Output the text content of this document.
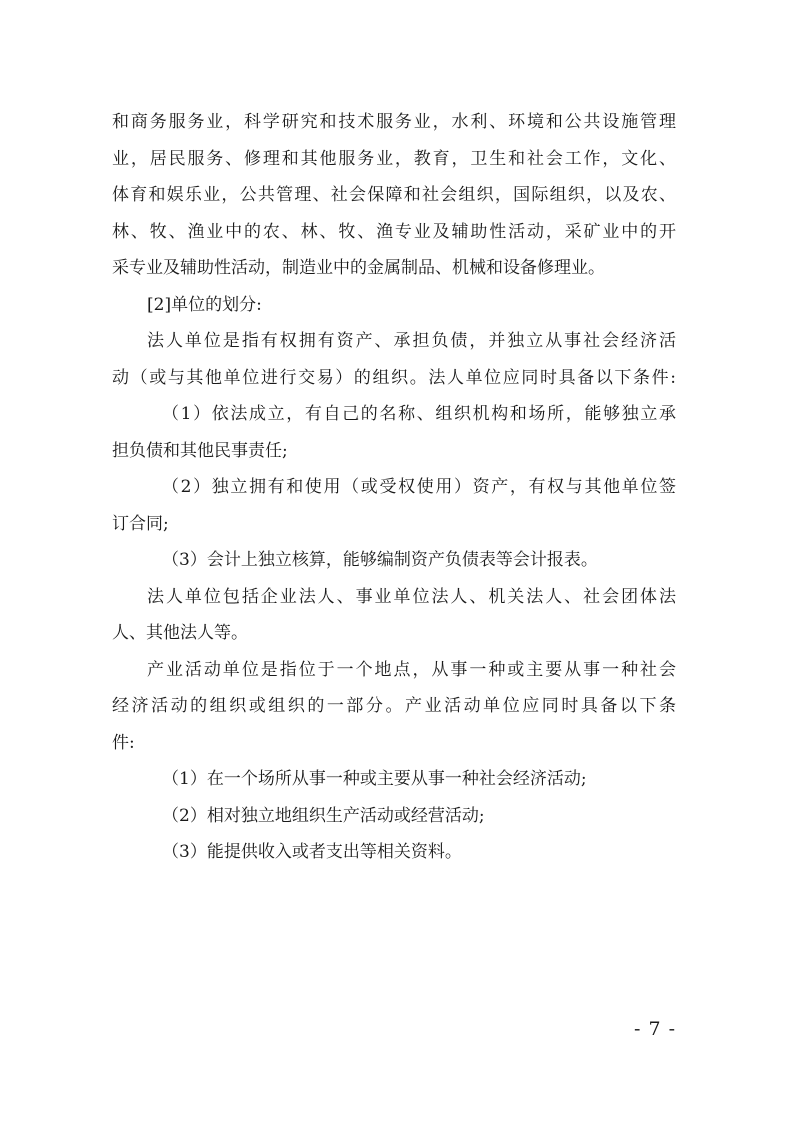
和商务服务业，科学研究和技术服务业，水利、环境和公共设施管理
业，居民服务、修理和其他服务业，教育，卫生和社会工作，文化、
体育和娱乐业，公共管理、社会保障和社会组织，国际组织，以及农、
林、牧、渔业中的农、林、牧、渔专业及辅助性活动，采矿业中的开
采专业及辅助性活动，制造业中的金属制品、机械和设备修理业。
[2]单位的划分:
法人单位是指有权拥有资产、承担负债，并独立从事社会经济活
动（或与其他单位进行交易）的组织。法人单位应同时具备以下条件:
（1）依法成立，有自己的名称、组织机构和场所，能够独立承
担负债和其他民事责任;
（2）独立拥有和使用（或受权使用）资产，有权与其他单位签
订合同;
（3）会计上独立核算，能够编制资产负债表等会计报表。
法人单位包括企业法人、事业单位法人、机关法人、社会团体法
人、其他法人等。
产业活动单位是指位于一个地点，从事一种或主要从事一种社会
经济活动的组织或组织的一部分。产业活动单位应同时具备以下条
件:
（1）在一个场所从事一种或主要从事一种社会经济活动;
（2）相对独立地组织生产活动或经营活动;
（3）能提供收入或者支出等相关资料。
- 7 -
